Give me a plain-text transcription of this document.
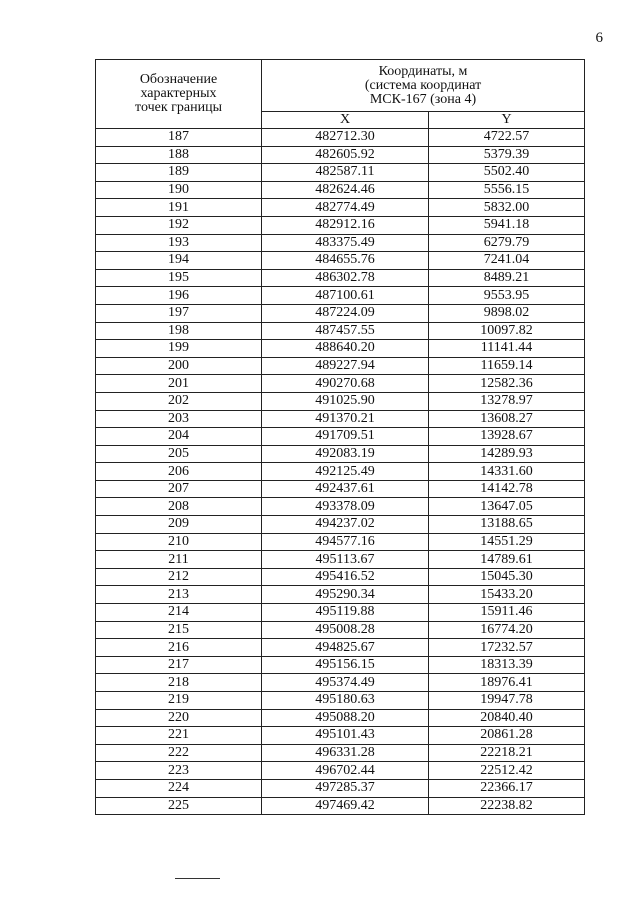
6
Обозначение
характерных
точек границы	Координаты, м
(система координат
МСК-167 (зона 4)	

	X	Y
187	482712.30	4722.57
188	482605.92	5379.39
189	482587.11	5502.40
190	482624.46	5556.15
191	482774.49	5832.00
192	482912.16	5941.18
193	483375.49	6279.79
194	484655.76	7241.04
195	486302.78	8489.21
196	487100.61	9553.95
197	487224.09	9898.02
198	487457.55	10097.82
199	488640.20	11141.44
200	489227.94	11659.14
201	490270.68	12582.36
202	491025.90	13278.97
203	491370.21	13608.27
204	491709.51	13928.67
205	492083.19	14289.93
206	492125.49	14331.60
207	492437.61	14142.78
208	493378.09	13647.05
209	494237.02	13188.65
210	494577.16	14551.29
211	495113.67	14789.61
212	495416.52	15045.30
213	495290.34	15433.20
214	495119.88	15911.46
215	495008.28	16774.20
216	494825.67	17232.57
217	495156.15	18313.39
218	495374.49	18976.41
219	495180.63	19947.78
220	495088.20	20840.40
221	495101.43	20861.28
222	496331.28	22218.21
223	496702.44	22512.42
224	497285.37	22366.17
225	497469.42	22238.82
